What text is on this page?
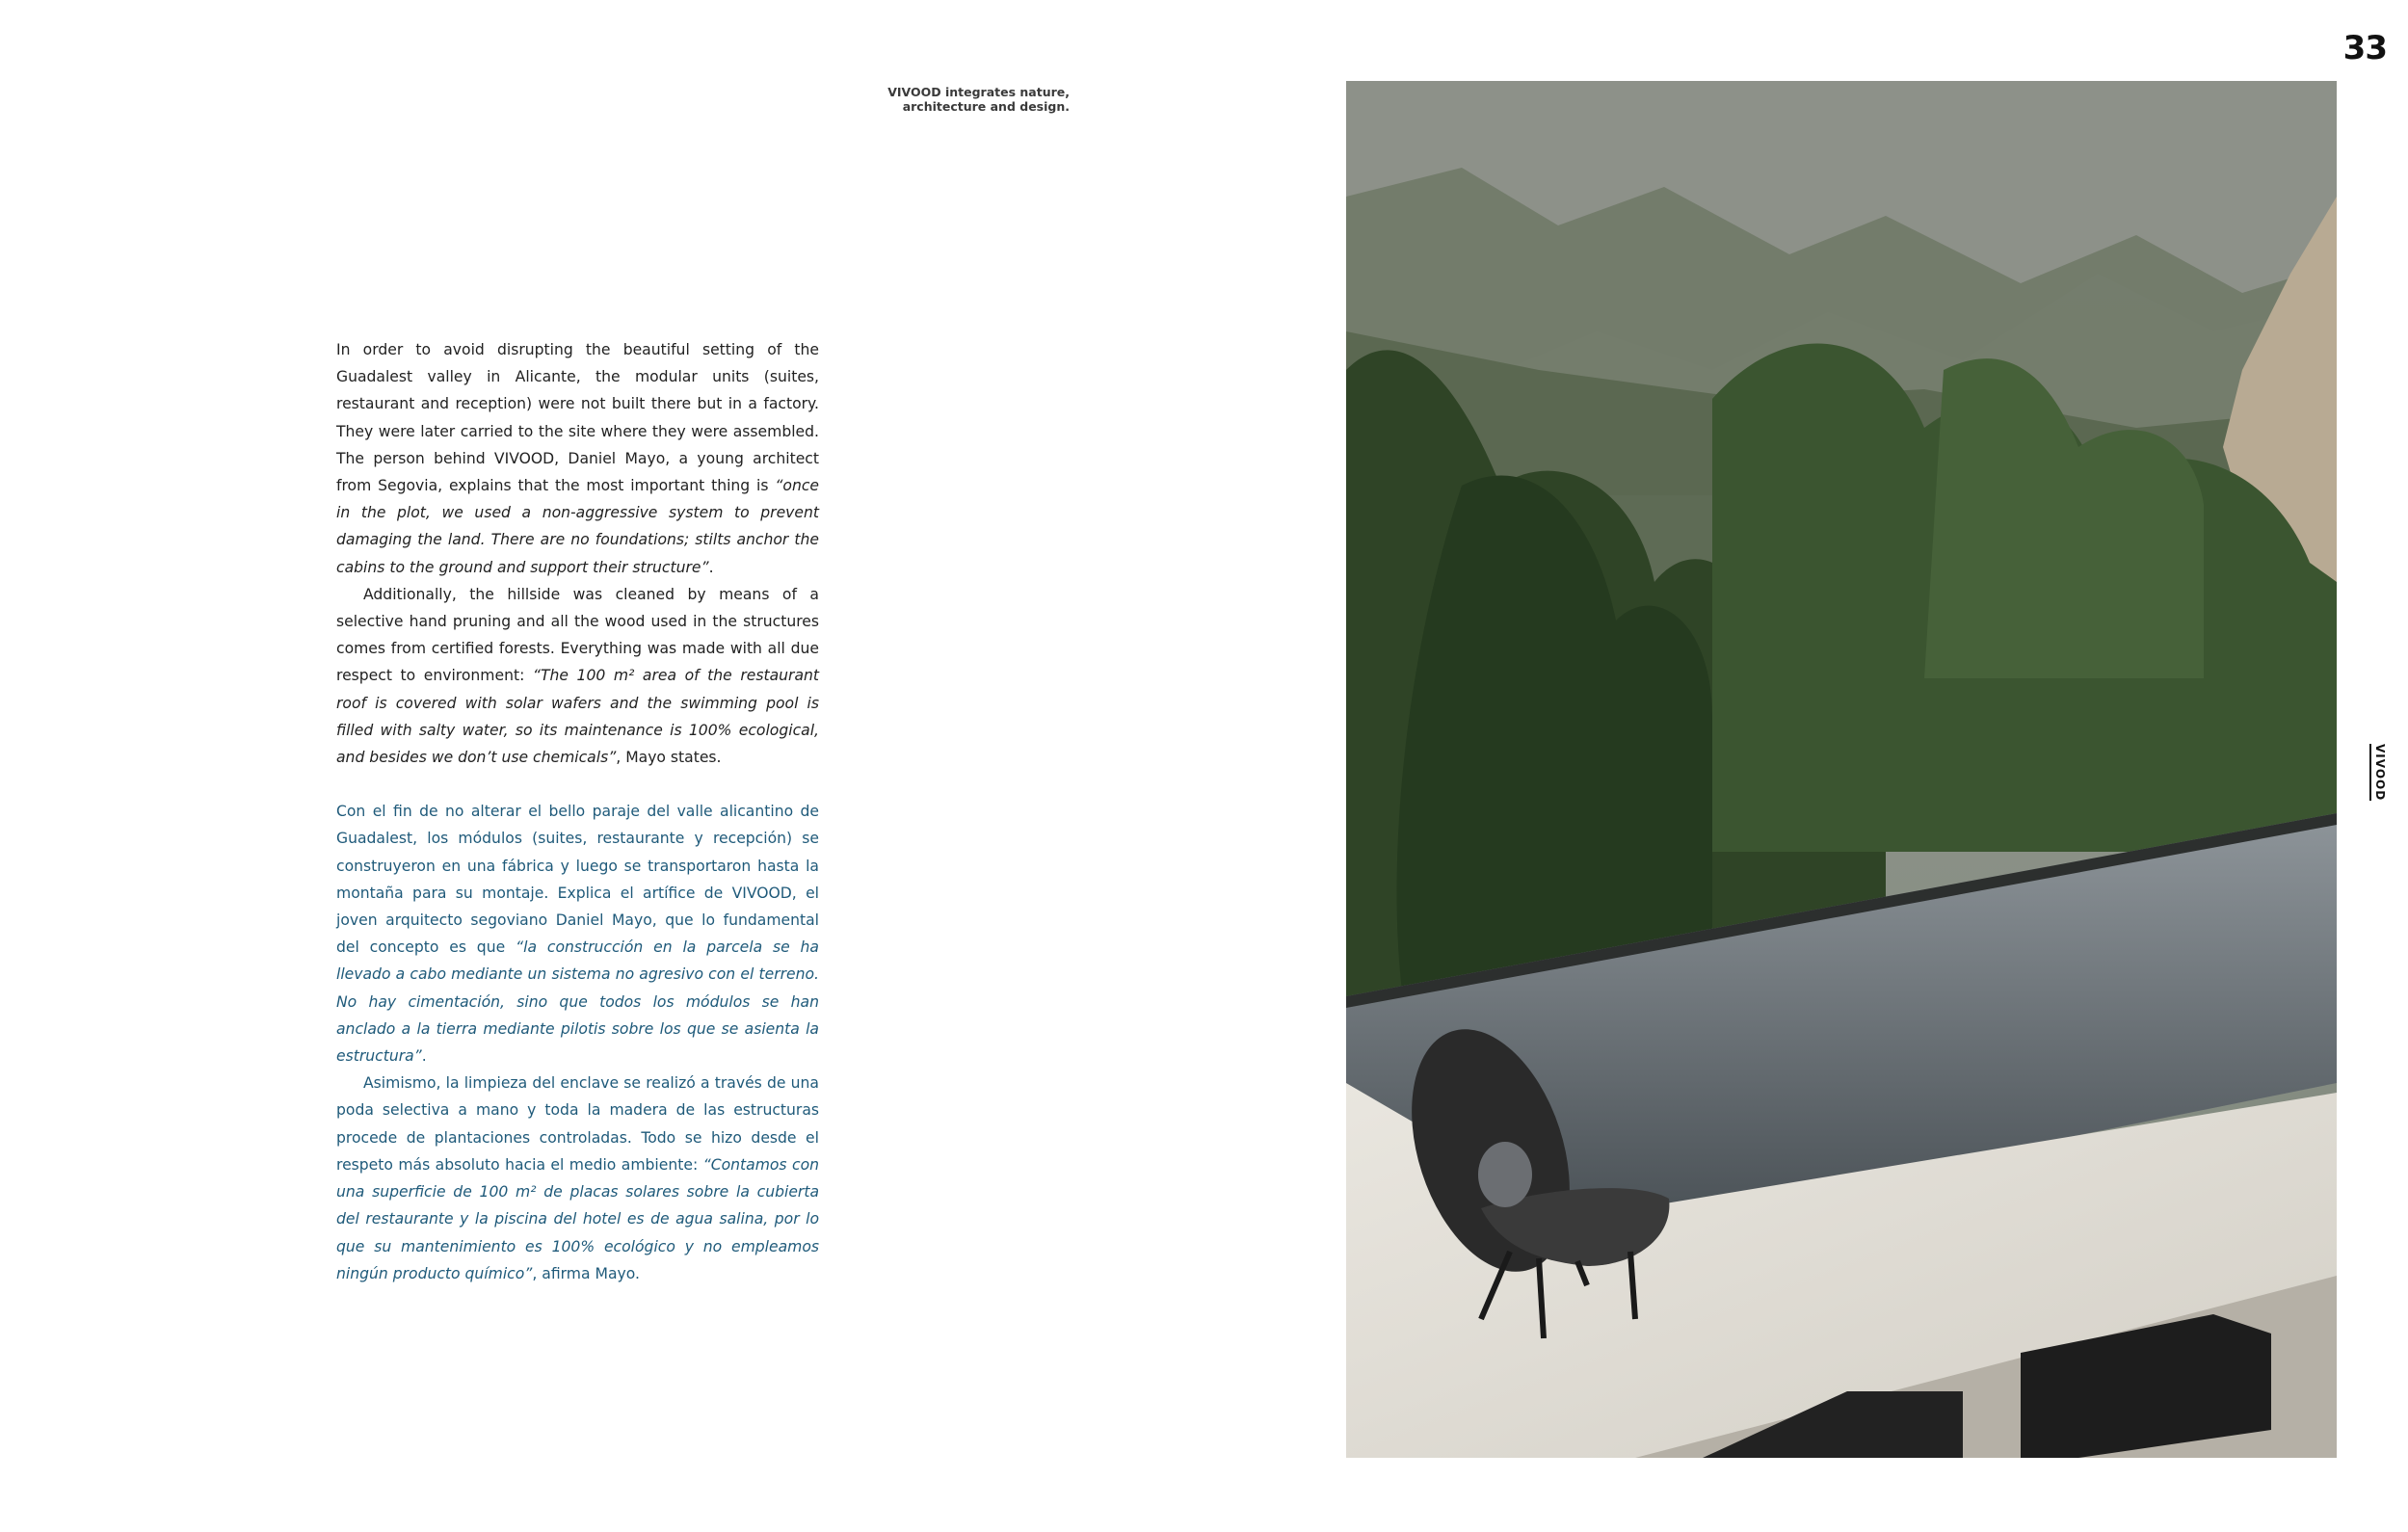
33
VIVOOD integrates nature,
architecture and design.

In order to avoid disrupting the beautiful setting of the Guadalest valley in Alicante, the modular units (suites, restaurant and reception) were not built there but in a factory. They were later carried to the site where they were assembled. The person behind VIVOOD, Daniel Mayo, a young architect from Segovia, explains that the most important thing is “once in the plot, we used a non-aggressive system to prevent damaging the land. There are no foundations; stilts anchor the cabins to the ground and support their structure”.

Additionally, the hillside was cleaned by means of a selective hand pruning and all the wood used in the structures comes from certified forests. Everything was made with all due respect to environment: “The 100 m² area of the restaurant roof is covered with solar wafers and the swimming pool is filled with salty water, so its maintenance is 100% ecological, and besides we don’t use chemicals”, Mayo states.

Con el fin de no alterar el bello paraje del valle alicantino de Guadalest, los módulos (suites, restaurante y recepción) se construyeron en una fábrica y luego se transportaron hasta la montaña para su montaje. Explica el artífice de VIVOOD, el joven arquitecto segoviano Daniel Mayo, que lo fundamental del concepto es que “la construcción en la parcela se ha llevado a cabo mediante un sistema no agresivo con el terreno. No hay cimentación, sino que todos los módulos se han anclado a la tierra mediante pilotis sobre los que se asienta la estructura”.

Asimismo, la limpieza del enclave se realizó a través de una poda selectiva a mano y toda la madera de las estructuras procede de plantaciones controladas. Todo se hizo desde el respeto más absoluto hacia el medio ambiente: “Contamos con una superficie de 100 m² de placas solares sobre la cubierta del restaurante y la piscina del hotel es de agua salina, por lo que su mantenimiento es 100% ecológico y no empleamos ningún producto químico”, afirma Mayo.

VIVOOD
